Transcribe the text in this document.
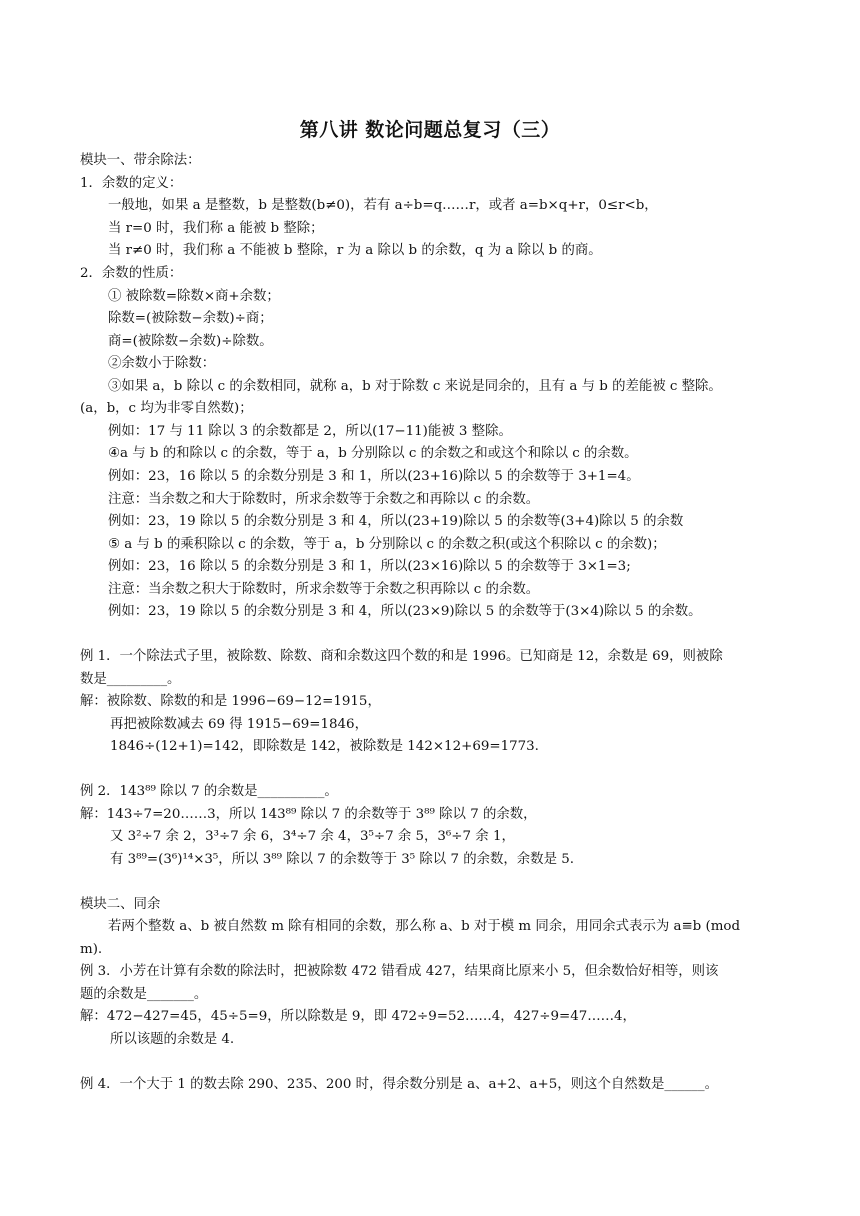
第八讲 数论问题总复习（三）
模块一、带余除法：
1．余数的定义：
一般地，如果 a 是整数，b 是整数(b≠0)，若有 a÷b=q……r，或者 a=b×q+r，0≤r<b，
当 r=0 时，我们称 a 能被 b 整除；
当 r≠0 时，我们称 a 不能被 b 整除，r 为 a 除以 b 的余数，q 为 a 除以 b 的商。
2．余数的性质：
① 被除数=除数×商+余数；
除数=(被除数−余数)÷商；
商=(被除数−余数)÷除数。
②余数小于除数：
③如果 a，b 除以 c 的余数相同，就称 a，b 对于除数 c 来说是同余的，且有 a 与 b 的差能被 c 整除。
(a，b，c 均为非零自然数)；
例如：17 与 11 除以 3 的余数都是 2，所以(17−11)能被 3 整除。
④a 与 b 的和除以 c 的余数，等于 a，b 分别除以 c 的余数之和或这个和除以 c 的余数。
例如：23，16 除以 5 的余数分别是 3 和 1，所以(23+16)除以 5 的余数等于 3+1=4。
注意：当余数之和大于除数时，所求余数等于余数之和再除以 c 的余数。
例如：23，19 除以 5 的余数分别是 3 和 4，所以(23+19)除以 5 的余数等(3+4)除以 5 的余数
⑤ a 与 b 的乘积除以 c 的余数，等于 a，b 分别除以 c 的余数之积(或这个积除以 c 的余数)；
例如：23，16 除以 5 的余数分别是 3 和 1，所以(23×16)除以 5 的余数等于 3×1=3;
注意：当余数之积大于除数时，所求余数等于余数之积再除以 c 的余数。
例如：23，19 除以 5 的余数分别是 3 和 4，所以(23×9)除以 5 的余数等于(3×4)除以 5 的余数。
例 1．一个除法式子里，被除数、除数、商和余数这四个数的和是 1996。已知商是 12，余数是 69，则被除
数是_________。
解：被除数、除数的和是 1996−69−12=1915，
再把被除数减去 69 得 1915−69=1846，
1846÷(12+1)=142，即除数是 142，被除数是 142×12+69=1773.
例 2．143⁸⁹ 除以 7 的余数是__________。
解：143÷7=20……3，所以 143⁸⁹ 除以 7 的余数等于 3⁸⁹ 除以 7 的余数，
又 3²÷7 余 2，3³÷7 余 6，3⁴÷7 余 4，3⁵÷7 余 5，3⁶÷7 余 1，
有 3⁸⁹=(3⁶)¹⁴×3⁵，所以 3⁸⁹ 除以 7 的余数等于 3⁵ 除以 7 的余数，余数是 5.
模块二、同余
若两个整数 a、b 被自然数 m 除有相同的余数，那么称 a、b 对于模 m 同余，用同余式表示为 a≡b (mod
m).
例 3．小芳在计算有余数的除法时，把被除数 472 错看成 427，结果商比原来小 5，但余数恰好相等，则该
题的余数是_______。
解：472−427=45，45÷5=9，所以除数是 9，即 472÷9=52……4，427÷9=47……4，
所以该题的余数是 4.
例 4．一个大于 1 的数去除 290、235、200 时，得余数分别是 a、a+2、a+5，则这个自然数是______。
